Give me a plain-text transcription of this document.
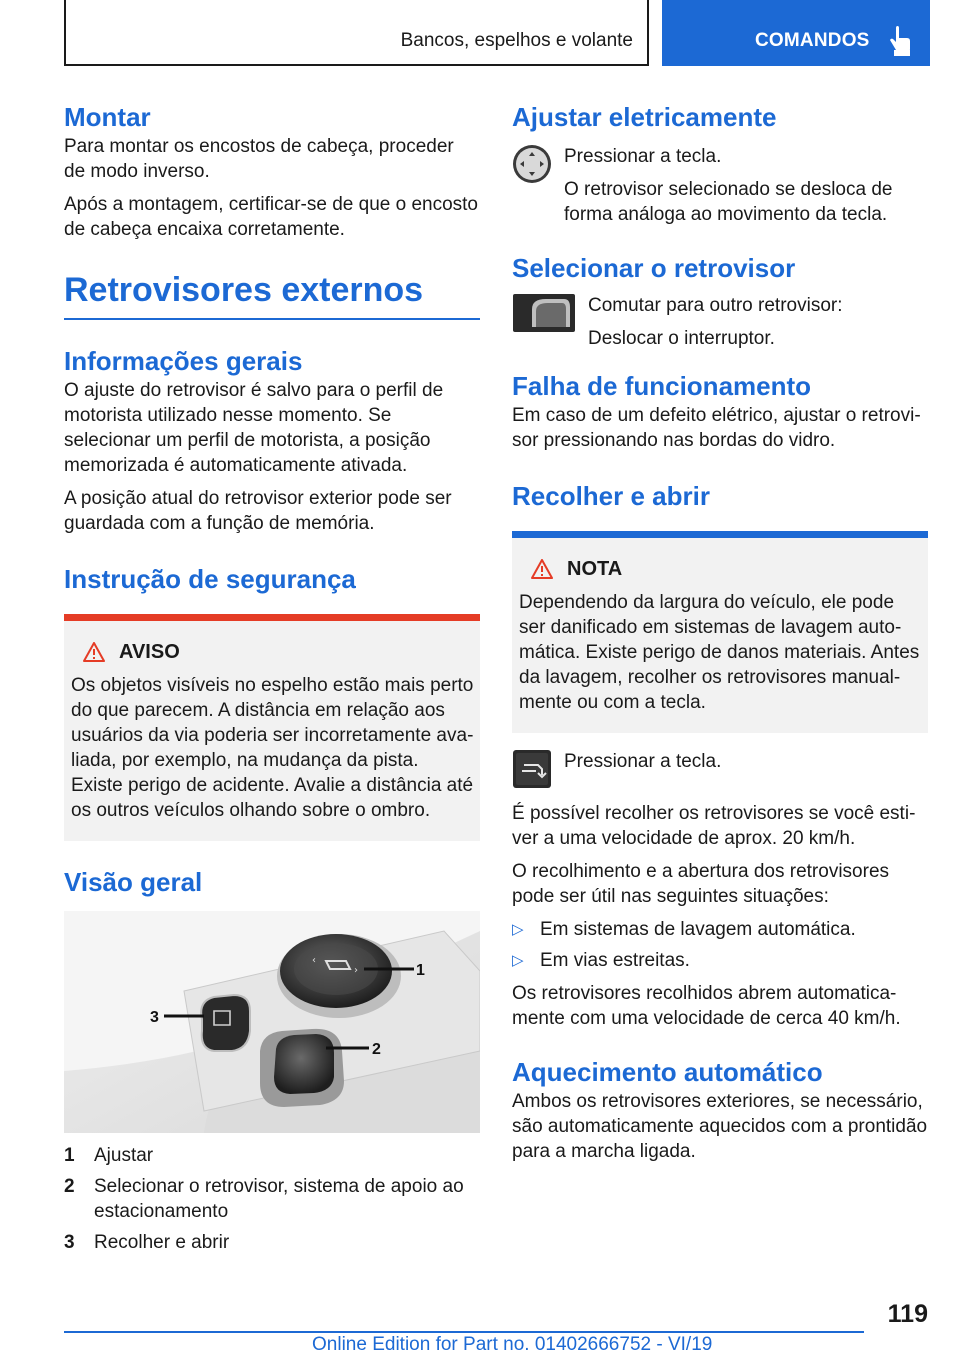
Bancos, espelhos e volante	COMANDOS
Montar

Para montar os encostos de cabeça, proceder de modo inverso.

Após a montagem, certificar-se de que o encosto de cabeça encaixa corretamente.

Retrovisores externos
Informações gerais

O ajuste do retrovisor é salvo para o perfil de motorista utilizado nesse momento. Se selecionar um perfil de motorista, a posição memorizada é automaticamente ativada.

A posição atual do retrovisor exterior pode ser guardada com a função de memória.

Instrução de segurança
AVISO

Os objetos visíveis no espelho estão mais perto do que parecem. A distância em relação aos usuários da via poderia ser incorretamente avaliada, por exemplo, na mudança da pista. Existe perigo de acidente. Avalie a distância até os outros veículos olhando sobre o ombro.

Visão geral
‹
›	1
2
3
1	Ajustar
2	Selecionar o retrovisor, sistema de apoio ao estacionamento
3	Recolher e abrir
Ajustar eletricamente

Pressionar a tecla.

O retrovisor selecionado se desloca de forma análoga ao movimento da tecla.

Selecionar o retrovisor

Comutar para outro retrovisor:

Deslocar o interruptor.

Falha de funcionamento

Em caso de um defeito elétrico, ajustar o retrovisor pressionando nas bordas do vidro.

Recolher e abrir
NOTA

Dependendo da largura do veículo, ele pode ser danificado em sistemas de lavagem automática. Existe perigo de danos materiais. Antes da lavagem, recolher os retrovisores manualmente ou com a tecla.

Pressionar a tecla.

É possível recolher os retrovisores se você estiver a uma velocidade de aprox. 20 km/h.

O recolhimento e a abertura dos retrovisores pode ser útil nas seguintes situações:

▷ Em sistemas de lavagem automática.
▷ Em vias estreitas.

Os retrovisores recolhidos abrem automaticamente com uma velocidade de cerca 40 km/h.

Aquecimento automático

Ambos os retrovisores exteriores, se necessário, são automaticamente aquecidos com a prontidão para a marcha ligada.

119
Online Edition for Part no. 01402666752 - VI/19
